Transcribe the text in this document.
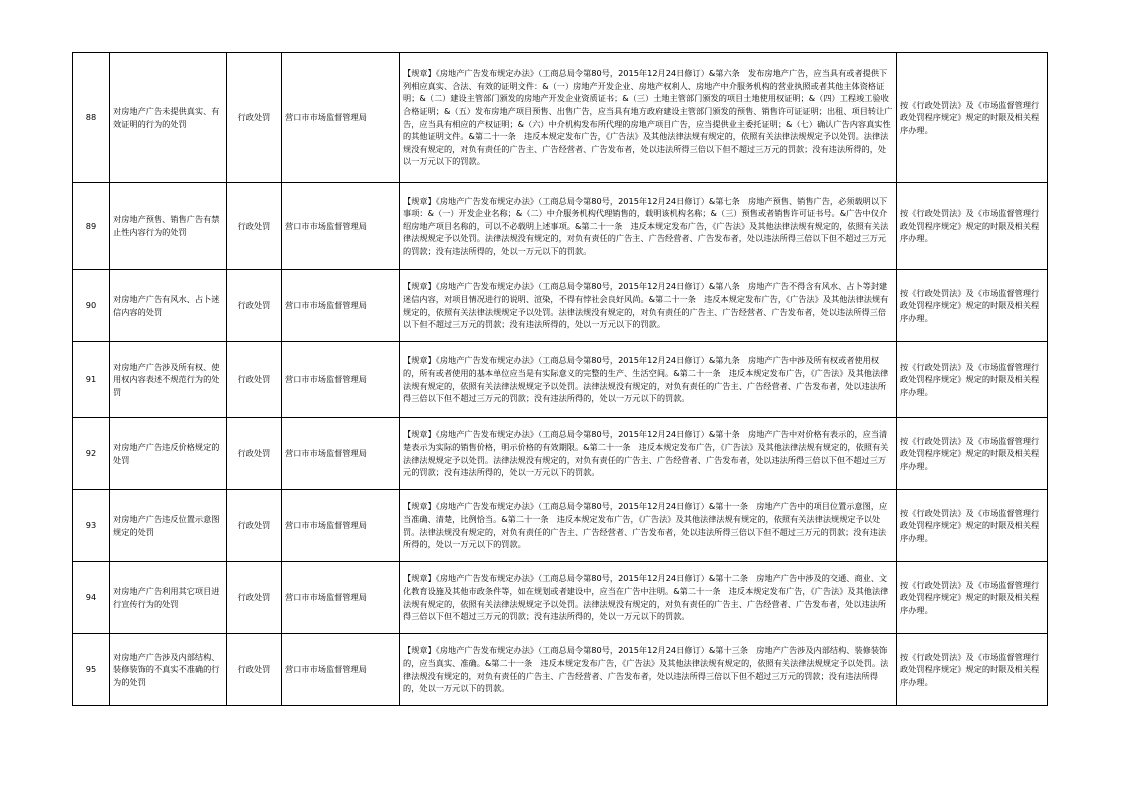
88	对房地产广告未提供真实、有效证明的行为的处罚	行政处罚	营口市市场监督管理局	【规章】《房地产广告发布规定办法》（工商总局令第80号，2015年12月24日修订）&第六条　发布房地产广告，应当具有或者提供下列相应真实、合法、有效的证明文件：&（一）房地产开发企业、房地产权利人、房地产中介服务机构的营业执照或者其他主体资格证明；&（二）建设主管部门颁发的房地产开发企业资质证书；&（三）土地主管部门颁发的项目土地使用权证明；&（四）工程竣工验收合格证明；&（五）发布房地产项目预售、出售广告，应当具有地方政府建设主管部门颁发的预售、销售许可证证明；出租、项目转让广告，应当具有相应的产权证明；&（六）中介机构发布所代理的房地产项目广告，应当提供业主委托证明；&（七）确认广告内容真实性的其他证明文件。&第二十一条　违反本规定发布广告，《广告法》及其他法律法规有规定的，依照有关法律法规规定予以处罚。法律法规没有规定的，对负有责任的广告主、广告经营者、广告发布者，处以违法所得三倍以下但不超过三万元的罚款；没有违法所得的，处以一万元以下的罚款。	按《行政处罚法》及《市场监督管理行政处罚程序规定》规定的时限及相关程序办理。
89	对房地产预售、销售广告有禁止性内容行为的处罚	行政处罚	营口市市场监督管理局	【规章】《房地产广告发布规定办法》（工商总局令第80号，2015年12月24日修订）&第七条　房地产预售、销售广告，必须载明以下事项：&（一）开发企业名称；&（二）中介服务机构代理销售的，载明该机构名称；&（三）预售或者销售许可证书号。&广告中仅介绍房地产项目名称的，可以不必载明上述事项。&第二十一条　违反本规定发布广告，《广告法》及其他法律法规有规定的，依照有关法律法规规定予以处罚。法律法规没有规定的，对负有责任的广告主、广告经营者、广告发布者，处以违法所得三倍以下但不超过三万元的罚款；没有违法所得的，处以一万元以下的罚款。	按《行政处罚法》及《市场监督管理行政处罚程序规定》规定的时限及相关程序办理。
90	对房地产广告有风水、占卜迷信内容的处罚	行政处罚	营口市市场监督管理局	【规章】《房地产广告发布规定办法》（工商总局令第80号，2015年12月24日修订）&第八条　房地产广告不得含有风水、占卜等封建迷信内容，对项目情况进行的说明、渲染，不得有悖社会良好风尚。&第二十一条　违反本规定发布广告，《广告法》及其他法律法规有规定的，依照有关法律法规规定予以处罚。法律法规没有规定的，对负有责任的广告主、广告经营者、广告发布者，处以违法所得三倍以下但不超过三万元的罚款；没有违法所得的，处以一万元以下的罚款。	按《行政处罚法》及《市场监督管理行政处罚程序规定》规定的时限及相关程序办理。
91	对房地产广告涉及所有权、使用权内容表述不规范行为的处罚	行政处罚	营口市市场监督管理局	【规章】《房地产广告发布规定办法》（工商总局令第80号，2015年12月24日修订）&第九条　房地产广告中涉及所有权或者使用权的，所有或者使用的基本单位应当是有实际意义的完整的生产、生活空间。&第二十一条　违反本规定发布广告，《广告法》及其他法律法规有规定的，依照有关法律法规规定予以处罚。法律法规没有规定的，对负有责任的广告主、广告经营者、广告发布者，处以违法所得三倍以下但不超过三万元的罚款；没有违法所得的，处以一万元以下的罚款。	按《行政处罚法》及《市场监督管理行政处罚程序规定》规定的时限及相关程序办理。
92	对房地产广告违反价格规定的处罚	行政处罚	营口市市场监督管理局	【规章】《房地产广告发布规定办法》（工商总局令第80号，2015年12月24日修订）&第十条　房地产广告中对价格有表示的，应当清楚表示为实际的销售价格，明示价格的有效期限。&第二十一条　违反本规定发布广告，《广告法》及其他法律法规有规定的，依照有关法律法规规定予以处罚。法律法规没有规定的，对负有责任的广告主、广告经营者、广告发布者，处以违法所得三倍以下但不超过三万元的罚款；没有违法所得的，处以一万元以下的罚款。	按《行政处罚法》及《市场监督管理行政处罚程序规定》规定的时限及相关程序办理。
93	对房地产广告违反位置示意图规定的处罚	行政处罚	营口市市场监督管理局	【规章】《房地产广告发布规定办法》（工商总局令第80号，2015年12月24日修订）&第十一条　房地产广告中的项目位置示意图，应当准确、清楚，比例恰当。&第二十一条　违反本规定发布广告，《广告法》及其他法律法规有规定的，依照有关法律法规规定予以处罚。法律法规没有规定的，对负有责任的广告主、广告经营者、广告发布者，处以违法所得三倍以下但不超过三万元的罚款；没有违法所得的，处以一万元以下的罚款。	按《行政处罚法》及《市场监督管理行政处罚程序规定》规定的时限及相关程序办理。
94	对房地产广告利用其它项目进行宣传行为的处罚	行政处罚	营口市市场监督管理局	【规章】《房地产广告发布规定办法》（工商总局令第80号，2015年12月24日修订）&第十二条　房地产广告中涉及的交通、商业、文化教育设施及其他市政条件等，如在规划或者建设中，应当在广告中注明。&第二十一条　违反本规定发布广告，《广告法》及其他法律法规有规定的，依照有关法律法规规定予以处罚。法律法规没有规定的，对负有责任的广告主、广告经营者、广告发布者，处以违法所得三倍以下但不超过三万元的罚款；没有违法所得的，处以一万元以下的罚款。	按《行政处罚法》及《市场监督管理行政处罚程序规定》规定的时限及相关程序办理。
95	对房地产广告涉及内部结构、装修装饰的不真实不准确的行为的处罚	行政处罚	营口市市场监督管理局	【规章】《房地产广告发布规定办法》（工商总局令第80号，2015年12月24日修订）&第十三条　房地产广告涉及内部结构、装修装饰的，应当真实、准确。&第二十一条　违反本规定发布广告，《广告法》及其他法律法规有规定的，依照有关法律法规规定予以处罚。法律法规没有规定的，对负有责任的广告主、广告经营者、广告发布者，处以违法所得三倍以下但不超过三万元的罚款；没有违法所得的，处以一万元以下的罚款。	按《行政处罚法》及《市场监督管理行政处罚程序规定》规定的时限及相关程序办理。
